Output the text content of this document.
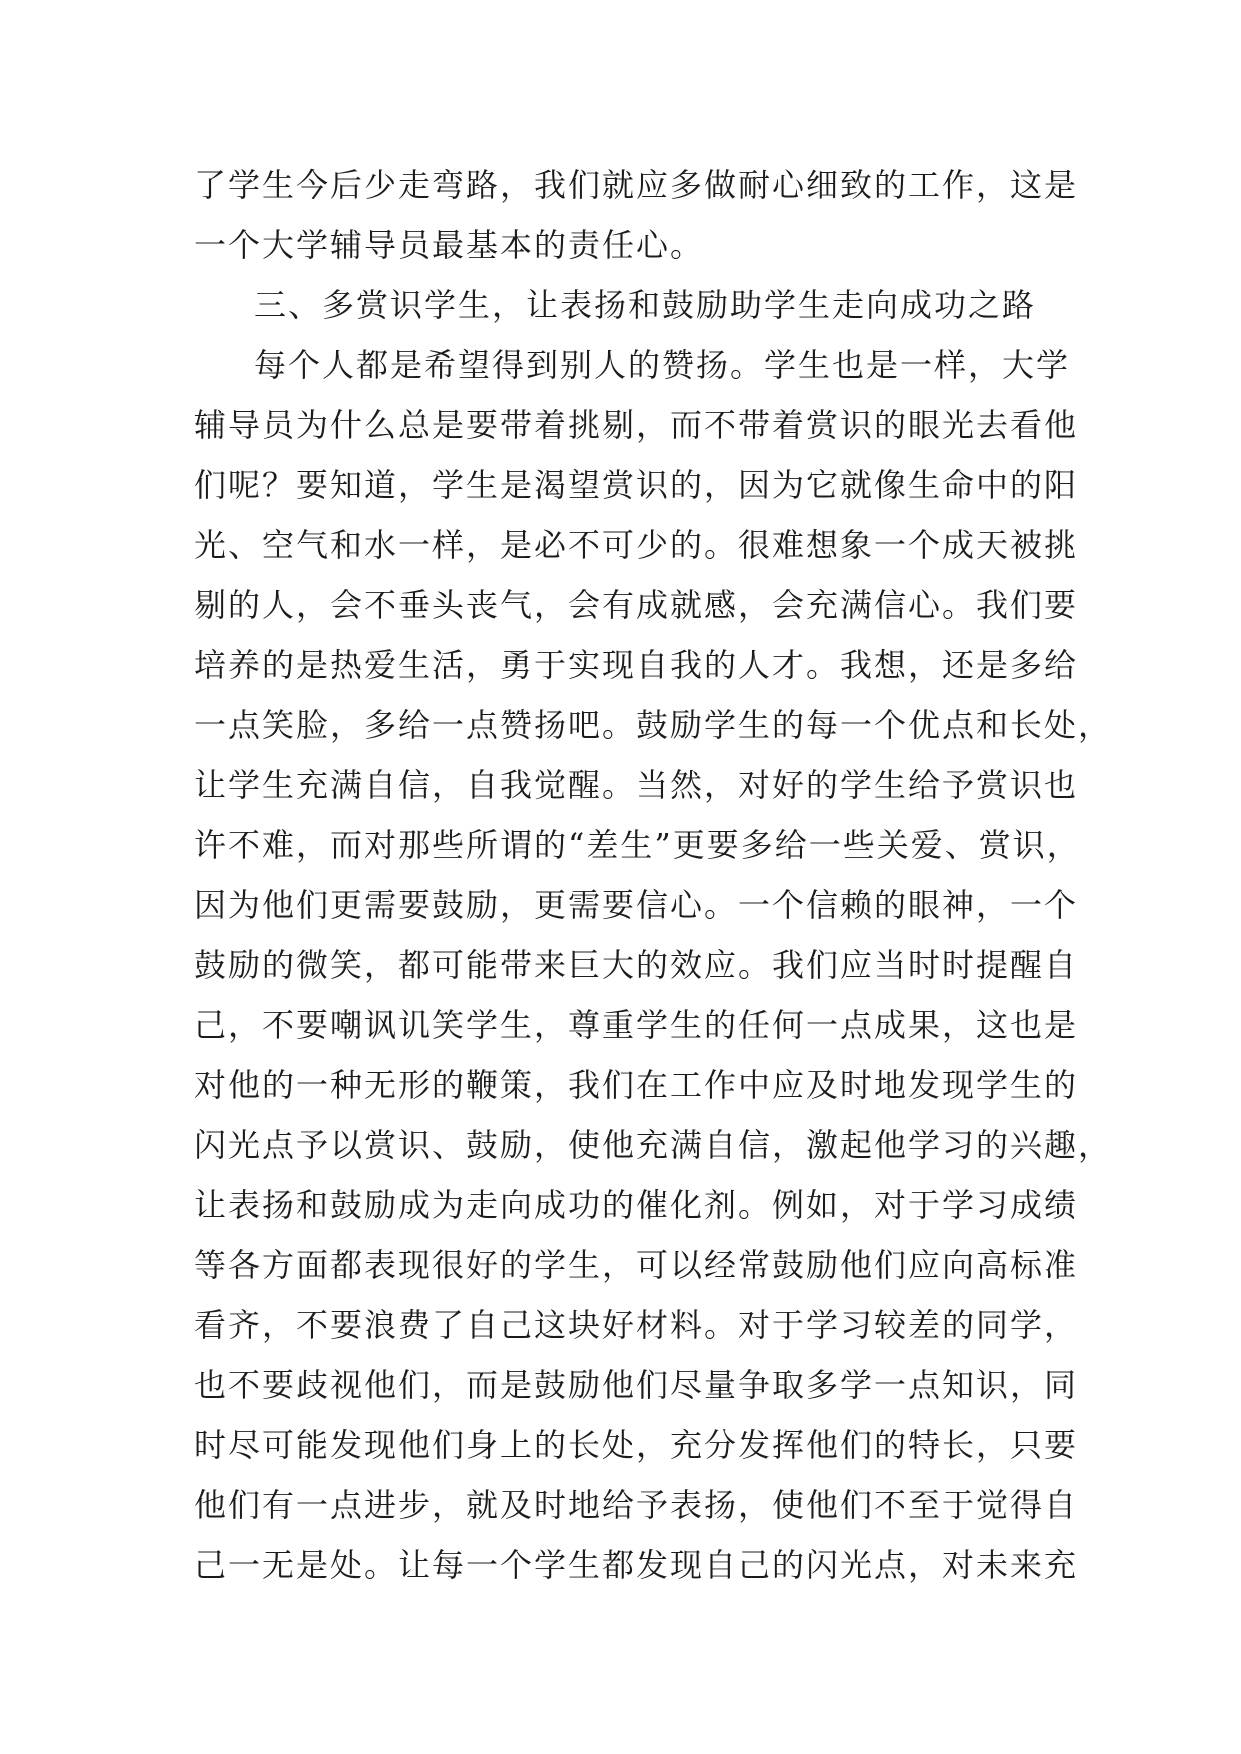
了学生今后少走弯路，我们就应多做耐心细致的工作，这是
一个大学辅导员最基本的责任心。
三、多赏识学生，让表扬和鼓励助学生走向成功之路
每个人都是希望得到别人的赞扬。学生也是一样，大学
辅导员为什么总是要带着挑剔，而不带着赏识的眼光去看他
们呢？要知道，学生是渴望赏识的，因为它就像生命中的阳
光、空气和水一样，是必不可少的。很难想象一个成天被挑
剔的人，会不垂头丧气，会有成就感，会充满信心。我们要
培养的是热爱生活，勇于实现自我的人才。我想，还是多给
一点笑脸，多给一点赞扬吧。鼓励学生的每一个优点和长处，
让学生充满自信，自我觉醒。当然，对好的学生给予赏识也
许不难，而对那些所谓的“差生”更要多给一些关爱、赏识，
因为他们更需要鼓励，更需要信心。一个信赖的眼神，一个
鼓励的微笑，都可能带来巨大的效应。我们应当时时提醒自
己，不要嘲讽讥笑学生，尊重学生的任何一点成果，这也是
对他的一种无形的鞭策，我们在工作中应及时地发现学生的
闪光点予以赏识、鼓励，使他充满自信，激起他学习的兴趣，
让表扬和鼓励成为走向成功的催化剂。例如，对于学习成绩
等各方面都表现很好的学生，可以经常鼓励他们应向高标准
看齐，不要浪费了自己这块好材料。对于学习较差的同学，
也不要歧视他们，而是鼓励他们尽量争取多学一点知识，同
时尽可能发现他们身上的长处，充分发挥他们的特长，只要
他们有一点进步，就及时地给予表扬，使他们不至于觉得自
己一无是处。让每一个学生都发现自己的闪光点，对未来充
